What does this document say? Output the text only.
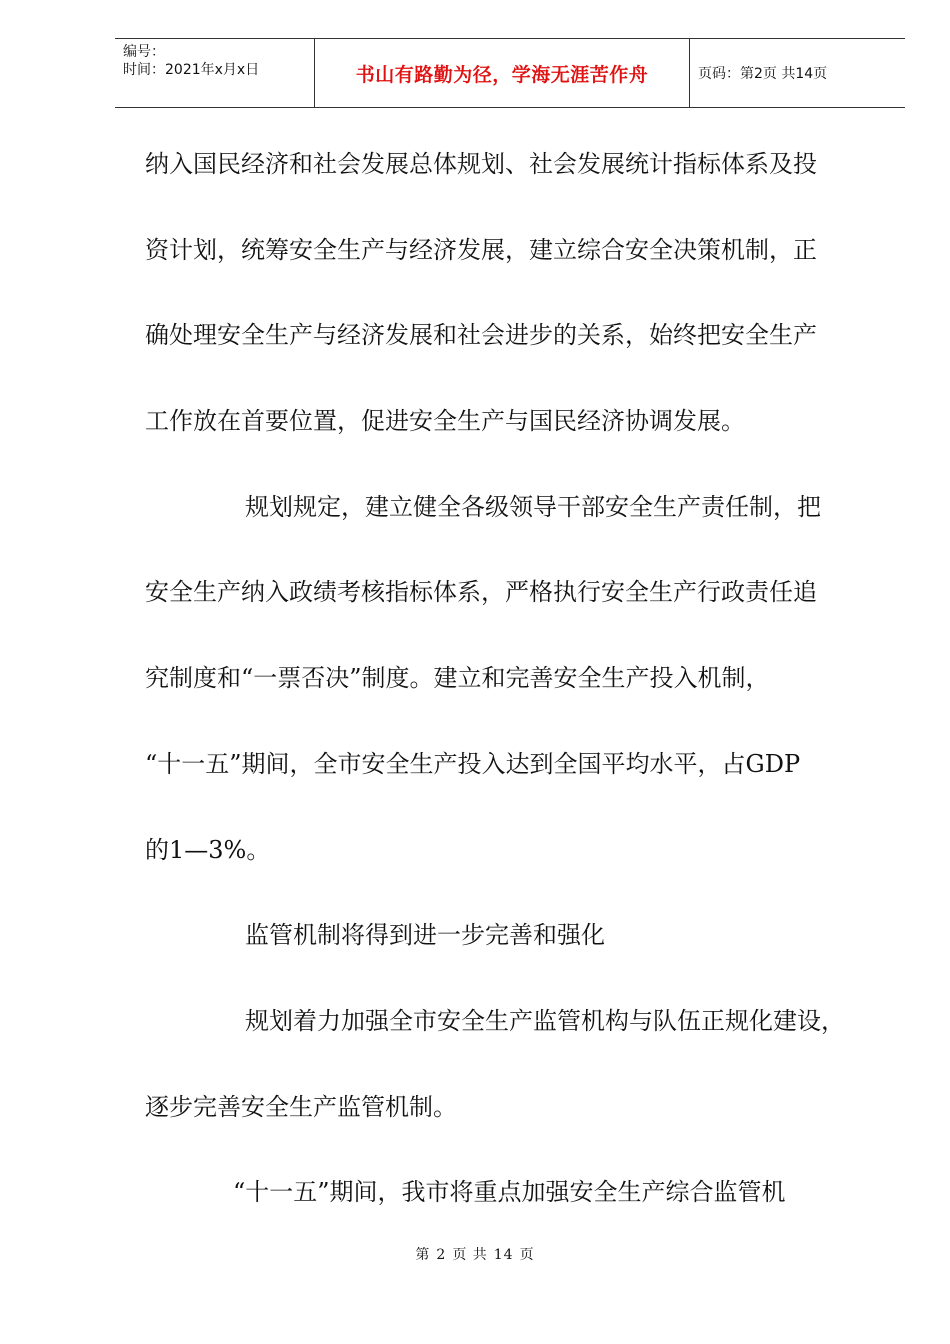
编号：
时间：2021年x月x日	书山有路勤为径，学海无涯苦作舟	页码：第2页 共14页
纳入国民经济和社会发展总体规划、社会发展统计指标体系及投
资计划，统筹安全生产与经济发展，建立综合安全决策机制，正
确处理安全生产与经济发展和社会进步的关系，始终把安全生产
工作放在首要位置，促进安全生产与国民经济协调发展。
规划规定，建立健全各级领导干部安全生产责任制，把
安全生产纳入政绩考核指标体系，严格执行安全生产行政责任追
究制度和“一票否决”制度。建立和完善安全生产投入机制，
“十一五”期间，全市安全生产投入达到全国平均水平，占GDP
的1—3%。
监管机制将得到进一步完善和强化
规划着力加强全市安全生产监管机构与队伍正规化建设，
逐步完善安全生产监管机制。
“十一五”期间，我市将重点加强安全生产综合监管机
第 2 页 共 14 页
